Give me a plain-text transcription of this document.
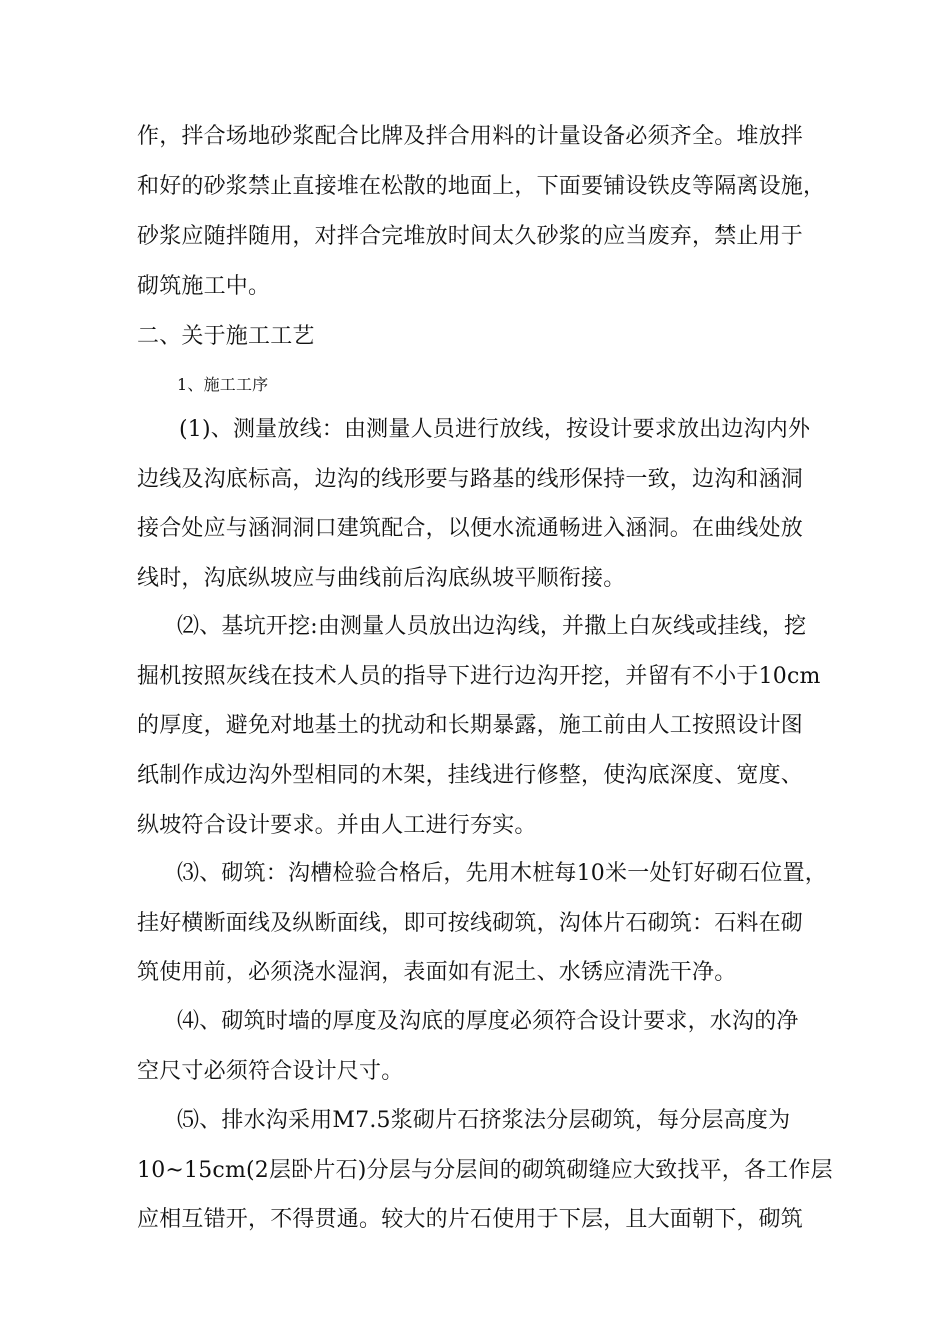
作，拌合场地砂浆配合比牌及拌合用料的计量设备必须齐全。堆放拌
和好的砂浆禁止直接堆在松散的地面上，下面要铺设铁皮等隔离设施，
砂浆应随拌随用，对拌合完堆放时间太久砂浆的应当废弃，禁止用于
砌筑施工中。
二、关于施工工艺
1、施工工序
(1)、测量放线：由测量人员进行放线，按设计要求放出边沟内外
边线及沟底标高，边沟的线形要与路基的线形保持一致，边沟和涵洞
接合处应与涵洞洞口建筑配合，以便水流通畅进入涵洞。在曲线处放
线时，沟底纵坡应与曲线前后沟底纵坡平顺衔接。
⑵、基坑开挖:由测量人员放出边沟线，并撒上白灰线或挂线，挖
掘机按照灰线在技术人员的指导下进行边沟开挖，并留有不小于10cm
的厚度，避免对地基土的扰动和长期暴露，施工前由人工按照设计图
纸制作成边沟外型相同的木架，挂线进行修整，使沟底深度、宽度、
纵坡符合设计要求。并由人工进行夯实。
⑶、砌筑：沟槽检验合格后，先用木桩每10米一处钉好砌石位置，
挂好横断面线及纵断面线，即可按线砌筑，沟体片石砌筑：石料在砌
筑使用前，必须浇水湿润，表面如有泥土、水锈应清洗干净。
⑷、砌筑时墙的厚度及沟底的厚度必须符合设计要求，水沟的净
空尺寸必须符合设计尺寸。
⑸、排水沟采用M7.5浆砌片石挤浆法分层砌筑，每分层高度为
10~15cm(2层卧片石)分层与分层间的砌筑砌缝应大致找平，各工作层
应相互错开，不得贯通。较大的片石使用于下层，且大面朝下，砌筑
